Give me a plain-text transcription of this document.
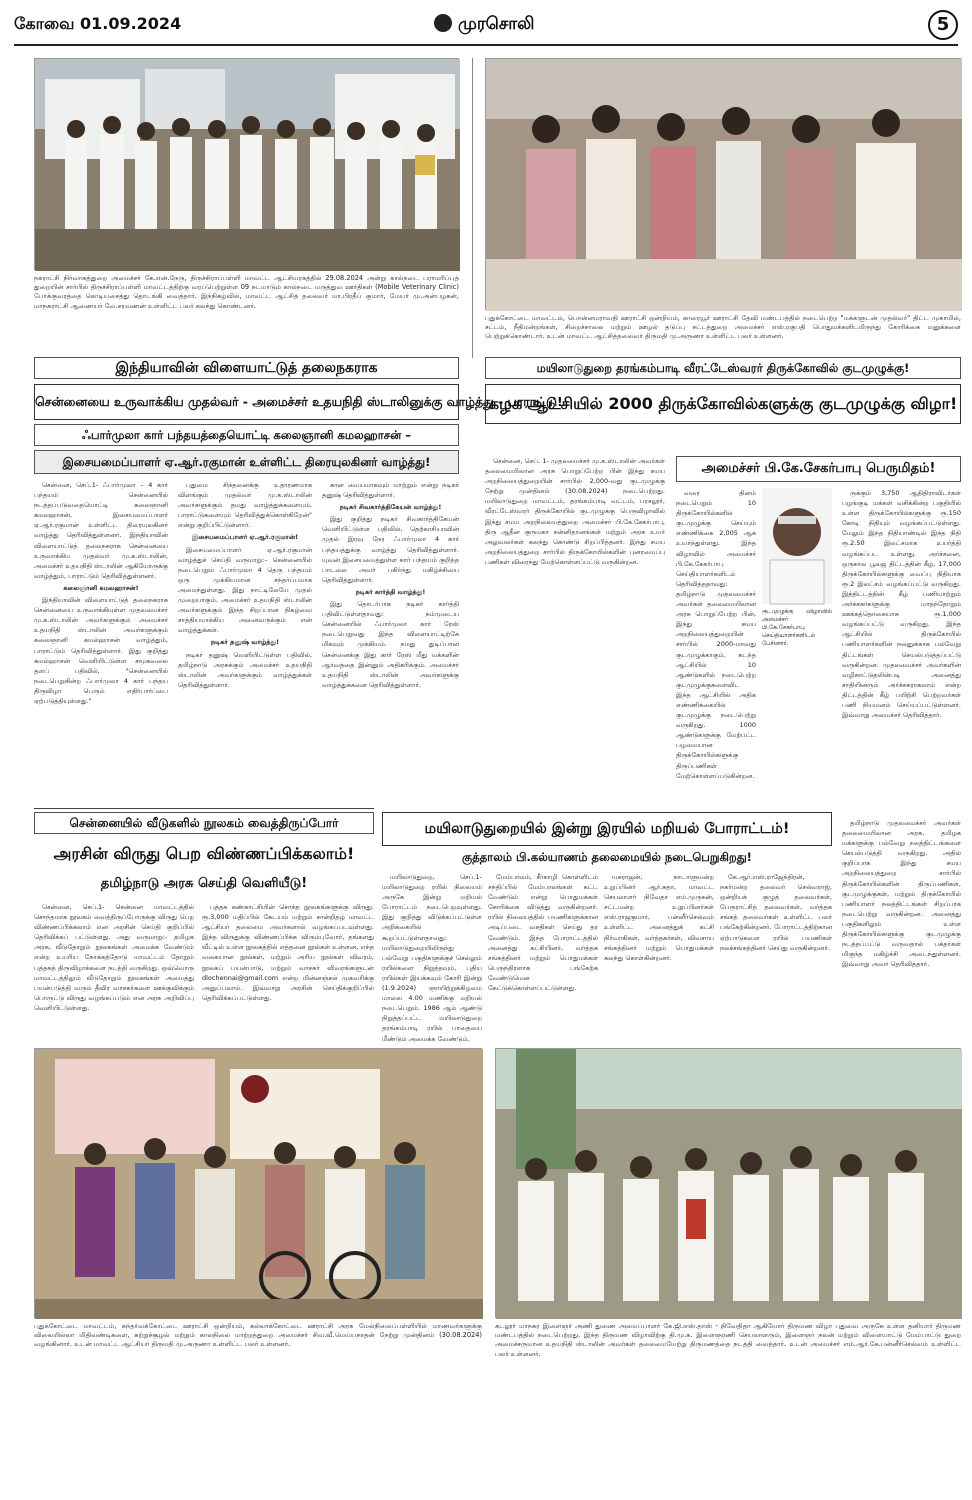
கோவை 01.09.2024	முரசொலி	5
நகராட்சி நிர்வாகத்துறை அமைச்சர் கே.என்.நேரு, திருச்சிராப்பள்ளி மாவட்ட ஆட்சியரகத்தில் 29.08.2024 அன்று கால்நடை பராமரிப்புத் துறையின் சார்பில் திருச்சிராப்பள்ளி மாவட்டத்திற்கு வரப்பெற்றுள்ள 09 நடமாடும் கால்நடை மருத்துவ ஊர்திகள் (Mobile Veterinary Clinic) போக்குவரத்தை கொடியசைத்து தொடங்கி வைத்தார். இந்நிகழ்வில், மாவட்ட ஆட்சித் தலைவர் மா.பிரதீப் குமார், மேயர் மு.அன்பழகன், மாநகராட்சி ஆணையர் வே.சரவணன் உள்ளிட்ட பலர் கலந்து கொண்டனர்.
புதுக்கோட்டை மாவட்டம், பொன்னமராவதி ஊராட்சி ஒன்றியம், காரையூர் ஊராட்சி தேவி மண்டபத்தில் நடைபெற்ற "மக்களுடன் முதல்வர்" திட்ட முகாமில், சட்டம், நீதிமன்றங்கள், சிறைச்சாலை மற்றும் ஊழல் தடுப்பு சட்டத்துறை அமைச்சர் எஸ்.ரகுபதி பொதுமக்களிடமிருந்து கோரிக்கை மனுக்களை பெற்றுக்கொண்டார். உடன் மாவட்ட ஆட்சித்தலைவர் திருமதி மு.அருணா உள்ளிட்ட பலர் உள்ளனர்.
இந்தியாவின் விளையாட்டுத் தலைநகராக
சென்னையை உருவாக்கிய முதல்வர் - அமைச்சர் உதயநிதி ஸ்டாலினுக்கு வாழ்த்து - பாராட்டு!
ஃபார்முலா கார் பந்தயத்தையொட்டி கலைஞானி கமலஹாசன் –
இசையமைப்பாளர் ஏ.ஆர்.ரகுமான் உள்ளிட்ட திரையுலகினர் வாழ்த்து!

சென்னை, செப்.1- ஃபார்முலா – 4 கார் பந்தயம் சென்னையில் நடத்தப்படுவதையொட்டி கலைஞானி கமலஹாசன், இசையமைப்பாளர் ஏ.ஆர்.ரகுமான் உள்ளிட்ட திரையுலகினர் வாழ்த்து தெரிவித்துள்ளனர். இந்தியாவின் விளையாட்டுத் தலைநகராக சென்னையை உருவாக்கிய முதல்வர் மு.க.ஸ்டாலின், அமைச்சர் உதயநிதி ஸ்டாலின் ஆகியோருக்கு வாழ்த்தும், பாராட்டும் தெரிவித்துள்ளனர்.

கலைஞானி கமலஹாசன்!

இந்தியாவின் விளையாட்டுத் தலைநகராக சென்னையை உருவாக்கியுள்ள முதலமைச்சர் மு.க.ஸ்டாலின் அவர்களுக்கும் அமைச்சர் உதயநிதி ஸ்டாலின் அவர்களுக்கும் கலைஞானி கமல்ஹாசன் வாழ்த்தும், பாராட்டும் தெரிவித்துள்ளார். இது குறித்து கமல்ஹாசன் வெளியிட்டுள்ள சமூகவலை தளப் பதிவில், "சென்னையில் நடைபெறுகின்ற ஃபார்முலா 4 கார் பந்தய திருவிழா பெரும் எதிர்பார்ப்பை ஏற்படுத்தியுள்ளது."

புதுமை சிந்தனைக்கு உதாரணமாக விளங்கும் முதல்வர் மு.க.ஸ்டாலின் அவர்களுக்கும் தமது வாழ்த்துக்களையும், பாராட்டுகளையும் தெரிவித்துக்கொள்கிறேன்" என்று குறிப்பிட்டுள்ளார்.

இசையமைப்பாளர் ஏ.ஆர்.ரகுமான்!

இசையமைப்பாளர் ஏ.ஆர்.ரகுமான் வாழ்த்துச் செய்தி வருமாறு:– சென்னையில் நடைபெறும் ஃபார்முலா 4 தெரு பந்தயம் ஒரு முக்கியமான சந்தர்ப்பமாக அமைந்துள்ளது. இது நாட்டிலேயே முதல் முறையாகும். அமைச்சர் உதயநிதி ஸ்டாலின் அவர்களுக்கும் இந்த சிறப்பான நிகழ்வை சாத்தியமாக்கிய அனைவருக்கும் என் வாழ்த்துக்கள்.

நடிகர் தனுஷ் வாழ்த்து!

நடிகர் தனுஷ் வெளியிட்டுள்ள பதிவில், தமிழ்நாடு அரசுக்கும் அமைச்சர் உதயநிதி ஸ்டாலின் அவர்களுக்கும் வாழ்த்துக்கள் தெரிவித்துள்ளார்.

கான மையமாகவும் மாற்றும் என்று நடிகர் தனுஷ் தெரிவித்துள்ளார்.

நடிகர் சிவகார்த்திகேயன் வாழ்த்து!

இது குறித்து நடிகர் சிவகார்த்திகேயன் வெளியிட்டுள்ள பதிவில், தெற்காசியாவின் முதல் இரவு நேர ஃபார்முலா 4 கார் பந்தயத்துக்கு வாழ்த்து தெரிவித்துள்ளார். யுவன் இசையமைத்துள்ள கார் பந்தயம் குறித்த பாடலை அவர் பகிர்ந்து மகிழ்ச்சியை தெரிவித்துள்ளார்.

நடிகர் கார்த்தி வாழ்த்து!

இது தொடர்பாக நடிகர் கார்த்தி பதிவிட்டுள்ளதாவது: நம்முடைய சென்னையில் ஃபார்முலா கார் ரேஸ் நடைபெறுவது இந்த விளையாட்டிற்கே மிகவும் முக்கியம். நமது துடிப்பான சென்னைக்கு இது கார் ரேஸ் மீது மக்களின் ஆர்வத்தை இன்னும் அதிகரிக்கும். அமைச்சர் உதயநிதி ஸ்டாலின் அவர்களுக்கு வாழ்த்துக்களை தெரிவித்துள்ளார்.

மயிலாடுதுறை தரங்கம்பாடி வீரட்டேஸ்வரர் திருக்கோவில் குடமுழுக்கு!
கழக ஆட்சியில் 2000 திருக்கோவில்களுக்கு குடமுழுக்கு விழா!
அமைச்சர் பி.கே.சேகர்பாபு பெருமிதம்!

சென்னை, செப். 1- முதலமைச்சர் மு.க.ஸ்டாலின் அவர்கள் தலைமையிலான அரசு பொறுப்பேற்ற பின் இந்து சமய அறநிலையத்துறையின் சார்பில் 2,000-வது குடமுழுக்கு நேற்று முன்தினம் (30.08.2024) நடைபெற்றது. மயிலாடுதுறை மாவட்டம், தரங்கம்பாடி வட்டம், பரசலூர், வீரட்டேஸ்வரர் திருக்கோயில் குடமுழுக்கு பெருவிழாவில் இந்து சமய அறநிலையத்துறை அமைச்சர் பி.கே.சேகர்பாபு, திரு ஆதீன குருமகா சன்னிதானங்கள் மற்றும் அரசு உயர் அலுவலர்கள் கலந்து கொண்டு சிறப்பித்தனர். இந்து சமய அறநிலையத்துறை சார்பில் திருக்கோயில்களின் புனரமைப்பு பணிகள் விரைந்து மேற்கொள்ளப்பட்டு வருகின்றன.

வரை தினம் நடைபெறும் 10 திருக்கோயில்களில் குடமுழுக்கு செய்யும் எண்ணிக்கை 2,005 ஆக உயர்ந்துள்ளது. இந்த விழாவில் அமைச்சர் பி.கே.சேகர்பாபு செய்தியாளர்களிடம் தெரிவித்ததாவது: தமிழ்நாடு முதலமைச்சர் அவர்கள் தலைமையிலான அரசு பொறுப்பேற்ற பின், இந்து சமய அறநிலையத்துறையின் சார்பில் 2000-மாவது குடமுழுக்காகும். கடந்த ஆட்சியில் 10 ஆண்டுகளில் நடைபெற்ற குடமுழுக்குகளைவிட இந்த ஆட்சியில் அதிக எண்ணிக்கையில் குடமுழுக்கு நடைபெற்று வருகிறது. 1000 ஆண்டுகளுக்கு மேற்பட்ட பழமையான திருக்கோயில்களுக்கு திருப்பணிகள் மேற்கொள்ளப்படுகின்றன.

குடமுழுக்கு விழாவில் அமைச்சர் பி.கே.சேகர்பாபு செய்தியாளர்களிடம் பேசினார்.

ருக்கும் 3,750 ஆதிதிராவிடர்கள் பழங்குடி மக்கள் வசிக்கின்ற பகுதியில் உள்ள திருக்கோயில்களுக்கு ரூ.150 கோடி நிதியும் வழங்கப்பட்டுள்ளது. மேலும் இந்த நிதியாண்டில் இந்த நிதி ரூ.2.50 இலட்சமாக உயர்த்தி வழங்கப்பட உள்ளது. அர்ச்சனை, ஒருகால பூஜை திட்டத்தின் கீழ், 17,000 திருக்கோயில்களுக்கு வைப்பு நிதியாக ரூ.2 இலட்சம் வழங்கப்பட்டு வருகிறது. இத்திட்டத்தின் கீழ் பணியாற்றும் அர்ச்சகர்களுக்கு மாதந்தோறும் ஊக்கத்தொகையாக ரூ.1,000 வழங்கப்பட்டு வருகிறது. இந்த ஆட்சியில் திருக்கோயில் பணியாளர்களின் நலனுக்காக பல்வேறு திட்டங்கள் செயல்படுத்தப்பட்டு வருகின்றன. முதலமைச்சர் அவர்களின் வழிகாட்டுதலின்படி அனைத்து சாதியினரும் அர்ச்சகராகலாம் என்ற திட்டத்தின் கீழ் பயிற்சி பெற்றவர்கள் பணி நியமனம் செய்யப்பட்டுள்ளனர். இவ்வாறு அமைச்சர் தெரிவித்தார்.

சென்னையில் வீடுகளில் நூலகம் வைத்திருப்போர்
அரசின் விருது பெற விண்ணப்பிக்கலாம்!
தமிழ்நாடு அரசு செய்தி வெளியீடு!

சென்னை, செப்.1- சென்னை மாவட்டத்தில் சொந்தமாக நூலகம் வைத்திருப்போருக்கு விருது பெற விண்ணப்பிக்கலாம் என அரசின் செய்தி குறிப்பில் தெரிவிக்கப் பட்டுள்ளது. அது வருமாறு:- தமிழக அரசு, வீடுதோறும் நூலகங்கள் அமைக்க வேண்டும் என்ற உயரிய நோக்கத்தோடு மாவட்டம் தோறும் புத்தகத் திருவிழாக்களை நடத்தி வருகிறது. ஒவ்வொரு மாவட்டத்திலும் வீடுதோறும் நூலகங்கள் அமைத்து பயன்படுத்தி வரும் தீவிர வாசகர்களை ஊக்குவிக்கும் பொருட்டு விருது வழங்கப்படும் என அரசு அறிவிப்பு வெளியிட்டுள்ளது.

புத்தக கண்காட்சியின் சொந்த நூலகங்களுக்கு விருது. ரூ.3,000 மதிப்பில் கேடயம் மற்றும் சான்றிதழ் மாவட்ட ஆட்சியர் தலைமை அவர்களால் வழங்கப்படவுள்ளது. இந்த விருதுக்கு விண்ணப்பிக்க விரும்புவோர், தங்களது வீட்டில் உள்ள நூலகத்தில் எத்தனை நூல்கள் உள்ளன, எந்த வகையான நூல்கள், மற்றும் அரிய நூல்கள் விவரம், நூலகப் பயன்பாடு, மற்றும் வாசகர் விவரங்களுடன் dlochennai@gmail.com என்ற மின்னஞ்சல் முகவரிக்கு அனுப்பலாம். இவ்வாறு அரசின் செய்திக்குறிப்பில் தெரிவிக்கப்பட்டுள்ளது.

மயிலாடுதுறையில் இன்று இரயில் மறியல் போராட்டம்!
குத்தாலம் பி.கல்யாணம் தலைமையில் நடைபெறுகிறது!

மயிலாடுதுறை, செப்.1- மயிலாடுதுறை ரயில் நிலையம் அருகே இன்று மறியல் போராட்டம் நடைபெறவுள்ளது. இது குறித்து விடுக்கப்பட்டுள்ள அறிக்கையில் கூறப்பட்டுள்ளதாவது: மயிலாடுதுறையிலிருந்து பல்வேறு பகுதிகளுக்குச் செல்லும் ரயில்களை நிறுத்தவும், புதிய ரயில்கள் இயக்கவும் கோரி இன்று (1.9.2024) ஞாயிற்றுக்கிழமை மாலை 4.00 மணிக்கு மறியல் நடைபெறும். 1986 ஆம் ஆண்டு நிறுத்தப்பட்ட மயிலாடுதுறை தரங்கம்பாடி ரயில் பாதையை மீண்டும் அமைக்க வேண்டும்.

மேம்பாலம், சீர்காழி கொள்ளிடம் சந்திப்பில் மேம்பாலங்கள் கட்ட வேண்டும் என்று பொதுமக்கள் கோரிக்கை விடுத்து வருகின்றனர். ரயில் நிலையத்தில் பயணிகளுக்கான அடிப்படை வசதிகள் செய்து தர வேண்டும். இந்த போராட்டத்தில் அனைத்து கட்சியினர், வர்த்தக சங்கத்தினர் மற்றும் பொதுமக்கள் பெருந்திரளாக பங்கேற்க வேண்டுமென கேட்டுக்கொள்ளப்பட்டுள்ளது.

யகராஜன், நாடாளுமன்ற உறுப்பினர் ஆர்.சுதா, மாவட்ட செயலாளர் நிவேதா எம்.முருகன், சட்டமன்ற உறுப்பினர்கள் எஸ்.ராஜகுமார், பன்னீர்செல்வம் உள்ளிட்ட அனைத்துக் கட்சி நிர்வாகிகள், வர்த்தகர்கள், விவசாய சங்கத்தினர் மற்றும் பொதுமக்கள் கலந்து கொள்கின்றனர்.

கே.ஆர்.எஸ்.ராஜேந்திரன், நகர்மன்ற தலைவர் செல்வராஜ், ஒன்றியக் குழுத் தலைவர்கள், பேரூராட்சித் தலைவர்கள், வர்த்தக சங்கத் தலைவர்கள் உள்ளிட்ட பலர் பங்கேற்கின்றனர். போராட்டத்திற்கான ஏற்பாடுகளை ரயில் பயணிகள் நலச்சங்கத்தினர் செய்து வருகின்றனர்.

தமிழ்நாடு முதலமைச்சர் அவர்கள் தலைமையிலான அரசு, தமிழக மக்களுக்கு பல்வேறு நலத்திட்டங்களை செயல்படுத்தி வருகிறது. அதில் குறிப்பாக இந்து சமய அறநிலையத்துறை சார்பில் திருக்கோயில்களின் திருப்பணிகள், குடமுழுக்குகள், மற்றும் திருக்கோயில் பணியாளர் நலத்திட்டங்கள் சிறப்பாக நடைபெற்று வருகின்றன. அனைத்து பகுதிகளிலும் உள்ள திருக்கோயில்களுக்கு குடமுழுக்கு நடத்தப்பட்டு வருவதால் பக்தர்கள் மிகுந்த மகிழ்ச்சி அடைந்துள்ளனர். இவ்வாறு அவர் தெரிவித்தார்.

புதுக்கோட்டை மாவட்டம், கந்தர்வக்கோட்டை ஊராட்சி ஒன்றியம், கல்லாக்கோட்டை ஊராட்சி அரசு மேல்நிலைப்பள்ளியில் மாணவர்களுக்கு விலையில்லா மிதிவண்டிகளை, சுற்றுச்சூழல் மற்றும் காலநிலை மாற்றத்துறை அமைச்சர் சிவ.வீ.மெய்யநாதன் நேற்று முன்தினம் (30.08.2024) வழங்கினார். உடன் மாவட்ட ஆட்சியர் திருமதி மு.அருணா உள்ளிட்ட பலர் உள்ளனர்.
கடலூர் மாநகர இளைஞர் அணி துணை அமைப்பாளர் கே.ஜி.எஸ்.தாஸ் - நிவேதிதா ஆகியோர் திருமண விழா புதுவை அருகே உள்ள தனியார் திருமண மண்டபத்தில் நடைபெற்றது. இந்த திருமண விழாவிற்கு தி.மு.க. இளைஞரணி செயலாளரும், இளைஞர் நலன் மற்றும் விளையாட்டு மேம்பாட்டு துறை அமைச்சருமான உதயநிதி ஸ்டாலின் அவர்கள் தலைமையேற்று திருமணத்தை நடத்தி வைத்தார். உடன் அமைச்சர் எம்.ஆர்.கே.பன்னீர்செல்வம் உள்ளிட்ட பலர் உள்ளனர்.
